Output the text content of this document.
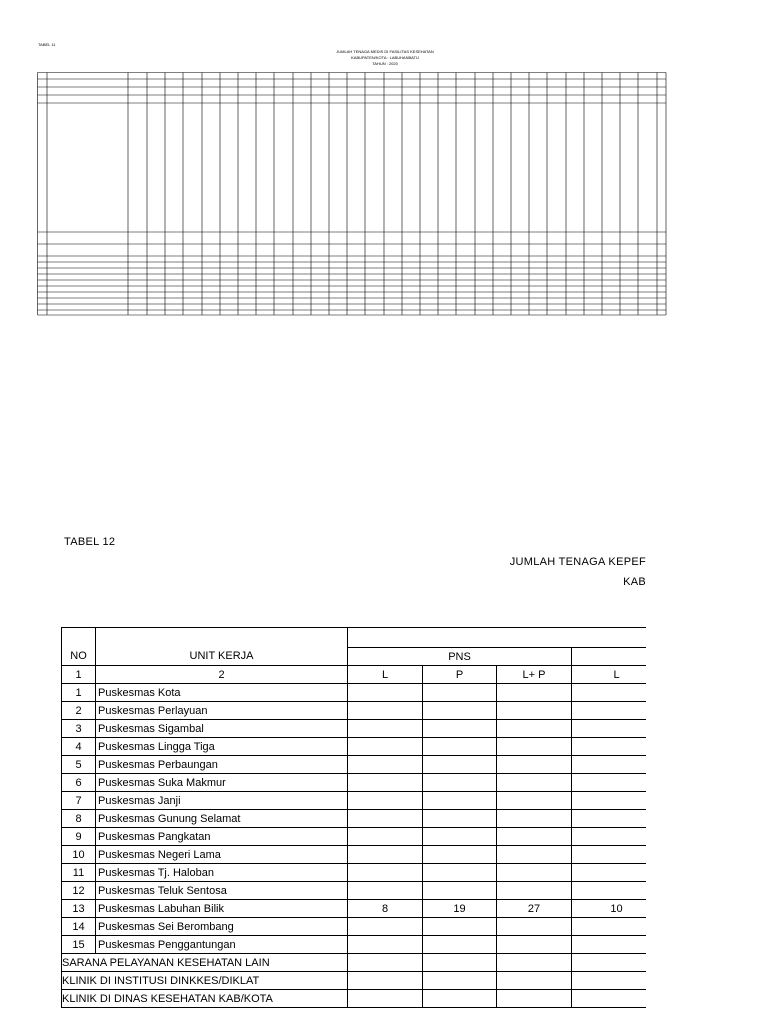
TABEL 11
JUMLAH TENAGA MEDIS DI FASILITAS KESEHATAN
KABUPATEN/KOTA : LABUHANBATU
TAHUN : 2020
TABEL 12
JUMLAH TENAGA KEPEF
KAB
NO	UNIT KERJA				
		PNS			
1	2	L	P	L+ P	L
1	Puskesmas Kota				
2	Puskesmas Perlayuan				
3	Puskesmas Sigambal				
4	Puskesmas Lingga Tiga				
5	Puskesmas Perbaungan				
6	Puskesmas Suka Makmur				
7	Puskesmas Janji				
8	Puskesmas Gunung Selamat				
9	Puskesmas Pangkatan				
10	Puskesmas Negeri Lama				
11	Puskesmas Tj. Haloban				
12	Puskesmas Teluk Sentosa				
13	Puskesmas Labuhan Bilik	8	19	27	10
14	Puskesmas Sei Berombang				
15	Puskesmas Penggantungan				
SARANA PELAYANAN KESEHATAN LAIN					
KLINIK DI INSTITUSI DINKKES/DIKLAT					
KLINIK DI DINAS KESEHATAN KAB/KOTA					
